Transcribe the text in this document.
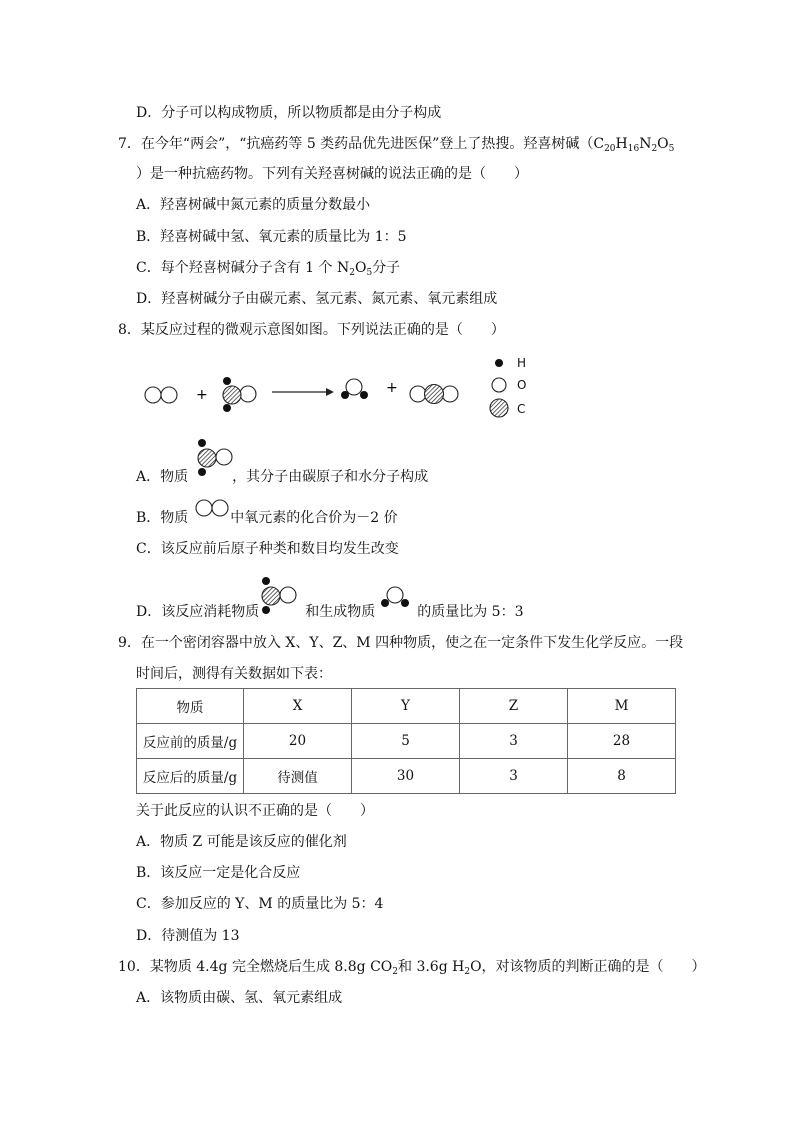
D．分子可以构成物质，所以物质都是由分子构成
7．在今年“两会”，“抗癌药等 5 类药品优先进医保”登上了热搜。羟喜树碱（$C_{20}H_{16}N_2O_5$
）是一种抗癌药物。下列有关羟喜树碱的说法正确的是（　　）
A．羟喜树碱中氮元素的质量分数最小
B．羟喜树碱中氢、氧元素的质量比为 1：5
C．每个羟喜树碱分子含有 1 个 $N_2O_5$分子
D．羟喜树碱分子由碳元素、氢元素、氮元素、氧元素组成
8．某反应过程的微观示意图如图。下列说法正确的是（　　）
+	+
H
O
C
A．物质	，其分子由碳原子和水分子构成
B．物质	中氧元素的化合价为－2 价
C．该反应前后原子种类和数目均发生改变
D．该反应消耗物质	和生成物质	的质量比为 5：3
9．在一个密闭容器中放入 X、Y、Z、M 四种物质，使之在一定条件下发生化学反应。一段
时间后，测得有关数据如下表：
物质	X	Y	Z	M
反应前的质量/g	20	5	3	28
反应后的质量/g	待测值	30	3	8
关于此反应的认识不正确的是（　　）
A．物质 Z 可能是该反应的催化剂
B．该反应一定是化合反应
C．参加反应的 Y、M 的质量比为 5：4
D．待测值为 13
10．某物质 4.4g 完全燃烧后生成 8.8g $CO_2$和 3.6g $H_2O$，对该物质的判断正确的是（　　）
A．该物质由碳、氢、氧元素组成
